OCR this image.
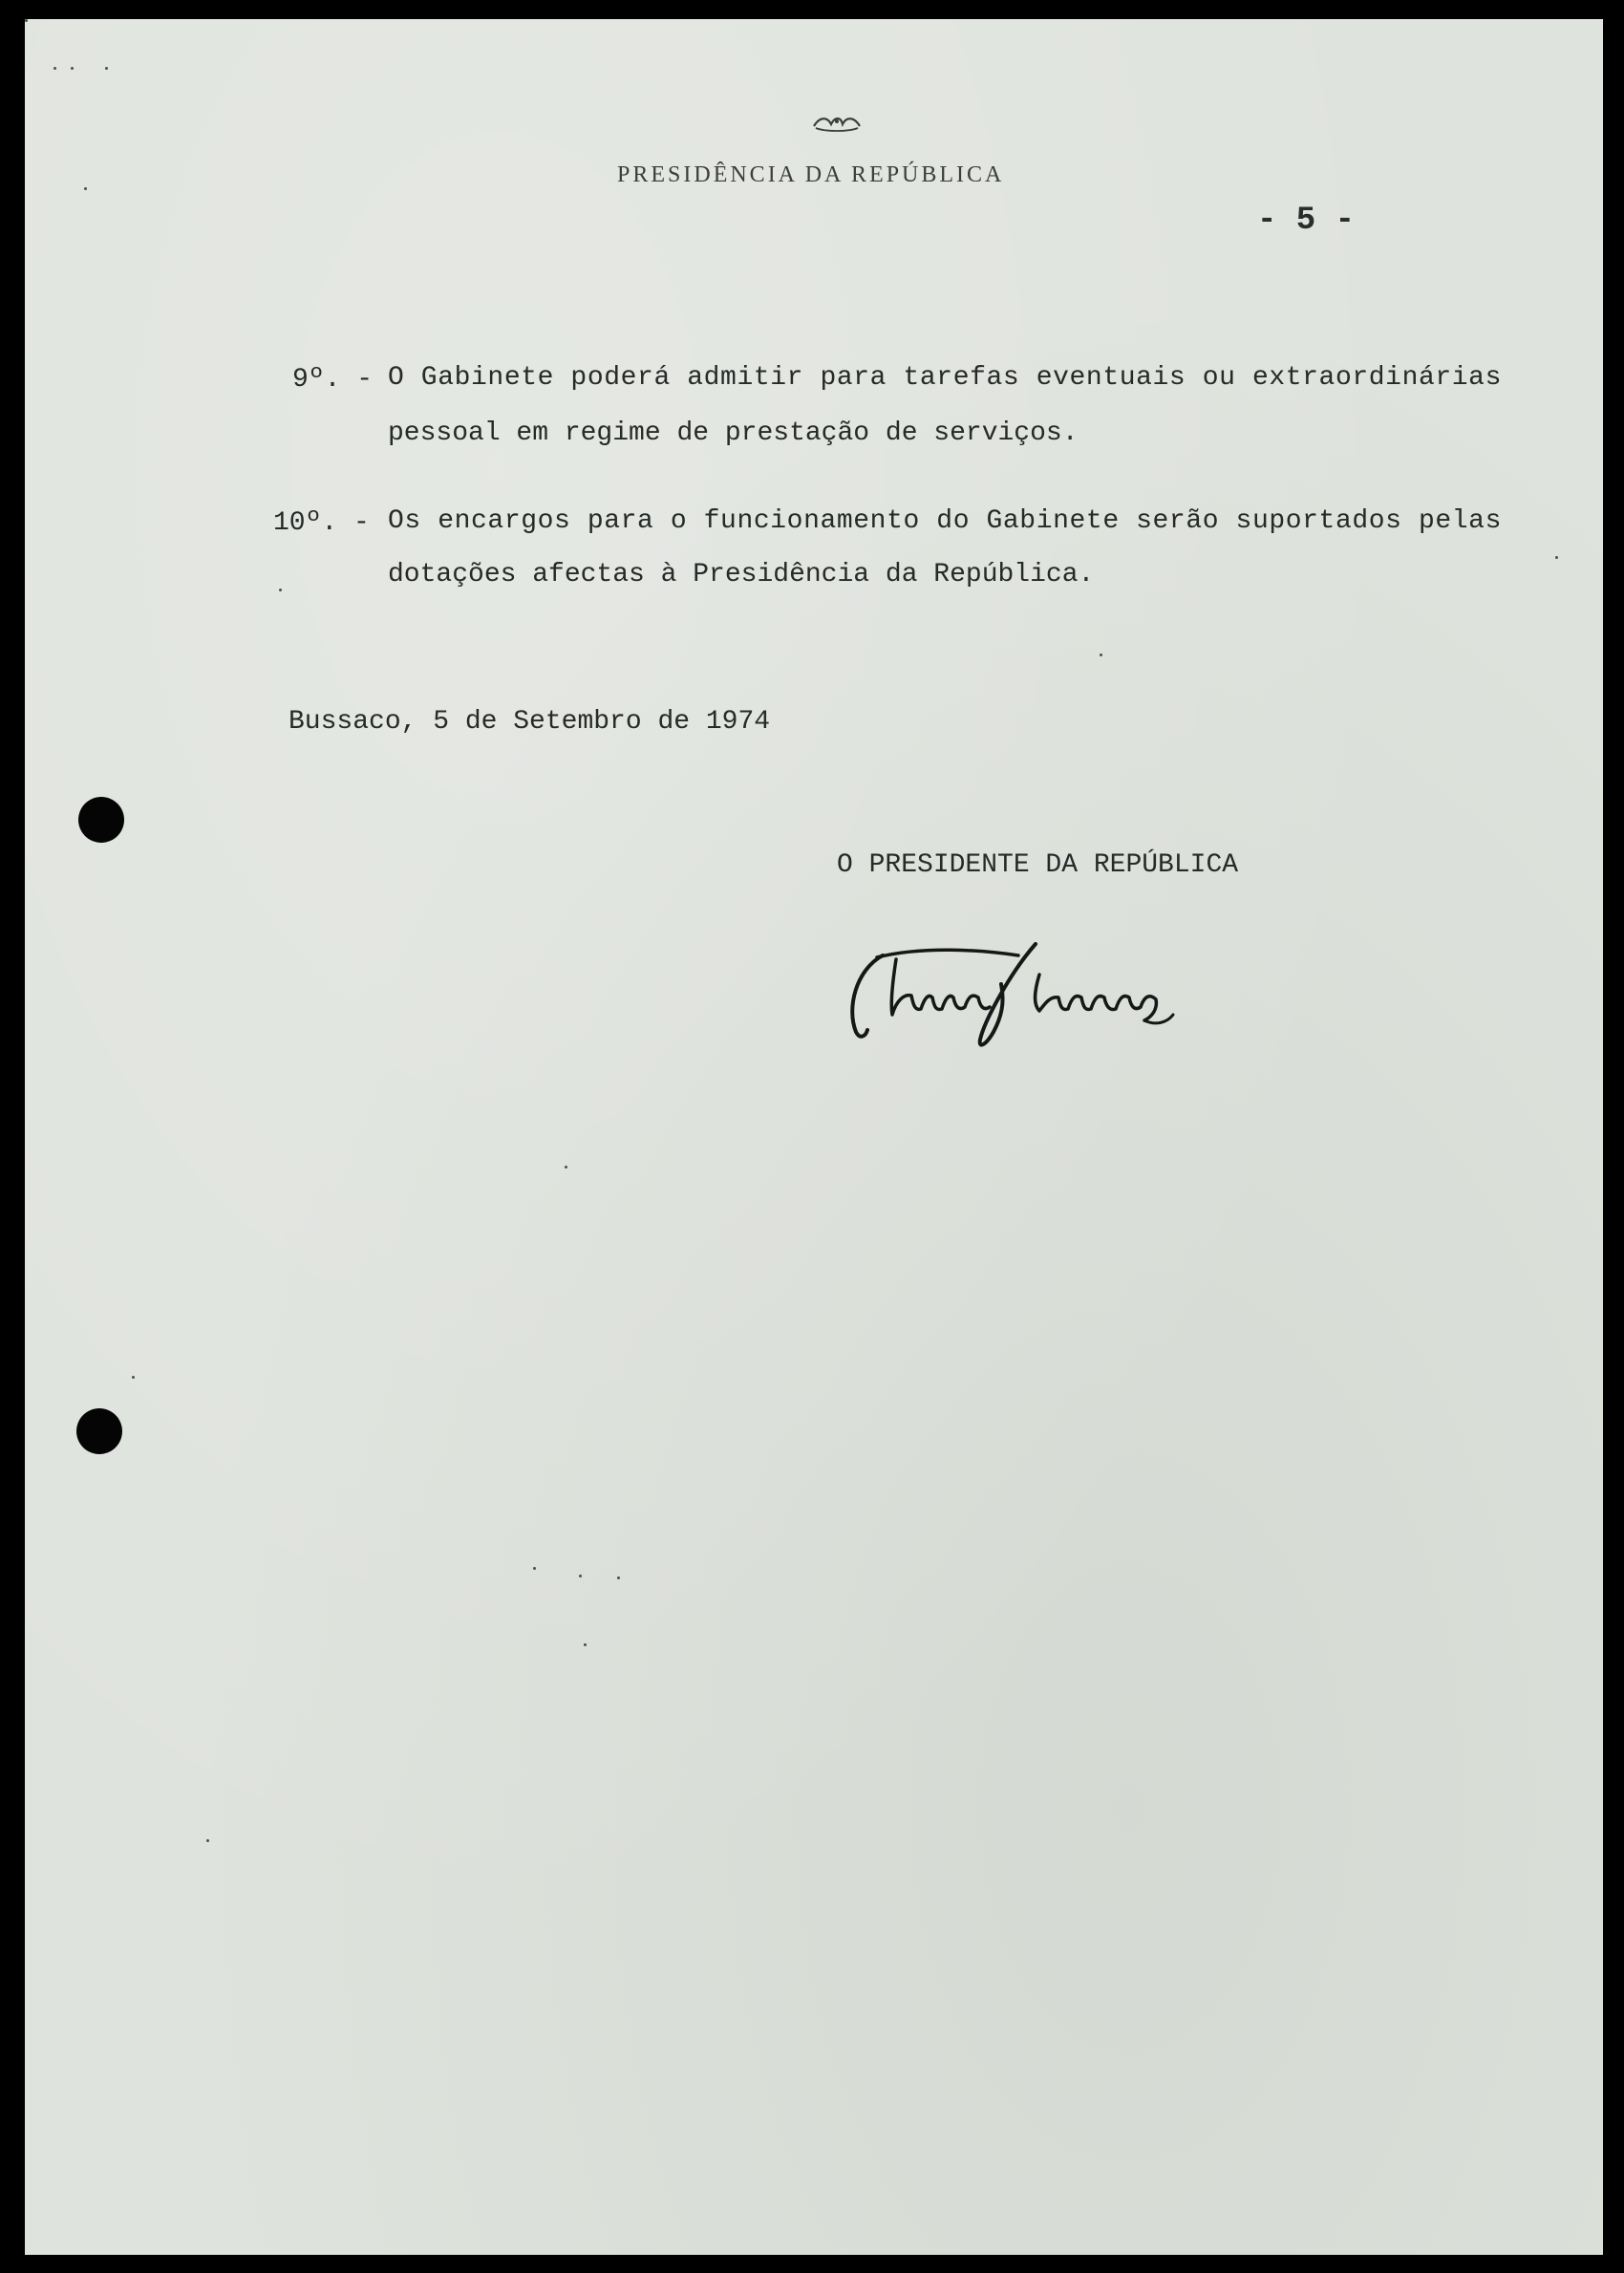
PRESIDÊNCIA DA REPÚBLICA
- 5 -
9º. - O Gabinete poderá admitir para tarefas eventuais ou extraordinárias
pessoal em regime de prestação de serviços.
10º. - Os encargos para o funcionamento do Gabinete serão suportados pelas
dotações afectas à Presidência da República.
Bussaco, 5 de Setembro de 1974
O PRESIDENTE DA REPÚBLICA
